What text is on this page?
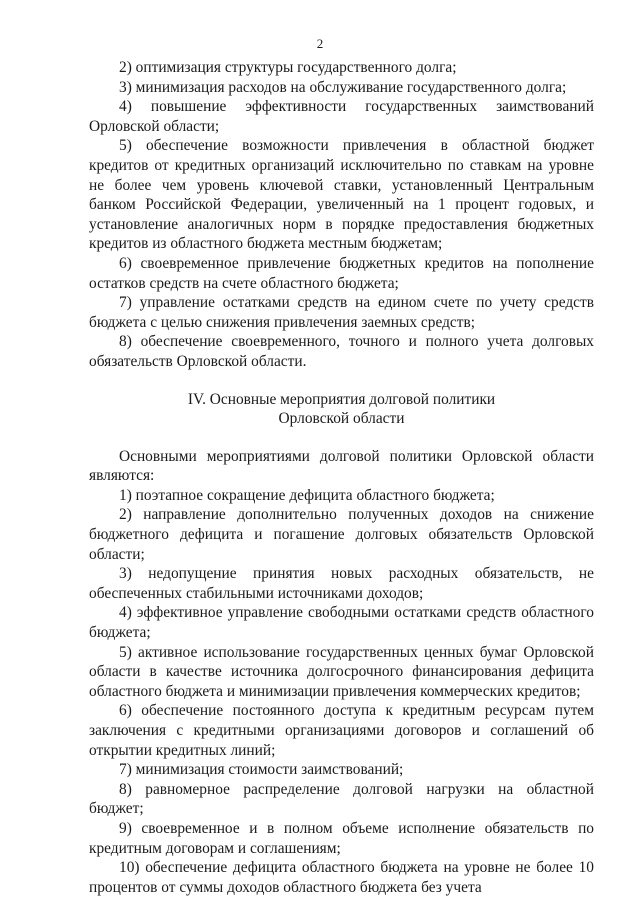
2

2) оптимизация структуры государственного долга;

3) минимизация расходов на обслуживание государственного долга;

4) повышение эффективности государственных заимствований Орловской области;

5) обеспечение возможности привлечения в областной бюджет кредитов от кредитных организаций исключительно по ставкам на уровне не более чем уровень ключевой ставки, установленный Центральным банком Российской Федерации, увеличенный на 1 процент годовых, и установление аналогичных норм в порядке предоставления бюджетных кредитов из областного бюджета местным бюджетам;

6) своевременное привлечение бюджетных кредитов на пополнение остатков средств на счете областного бюджета;

7) управление остатками средств на едином счете по учету средств бюджета с целью снижения привлечения заемных средств;

8) обеспечение своевременного, точного и полного учета долговых обязательств Орловской области.

IV. Основные мероприятия долговой политики
Орловской области

Основными мероприятиями долговой политики Орловской области являются:

1) поэтапное сокращение дефицита областного бюджета;

2) направление дополнительно полученных доходов на снижение бюджетного дефицита и погашение долговых обязательств Орловской области;

3) недопущение принятия новых расходных обязательств, не обеспеченных стабильными источниками доходов;

4) эффективное управление свободными остатками средств областного бюджета;

5) активное использование государственных ценных бумаг Орловской области в качестве источника долгосрочного финансирования дефицита областного бюджета и минимизации привлечения коммерческих кредитов;

6) обеспечение постоянного доступа к кредитным ресурсам путем заключения с кредитными организациями договоров и соглашений об открытии кредитных линий;

7) минимизация стоимости заимствований;

8) равномерное распределение долговой нагрузки на областной бюджет;

9) своевременное и в полном объеме исполнение обязательств по кредитным договорам и соглашениям;

10) обеспечение дефицита областного бюджета на уровне не более 10 процентов от суммы доходов областного бюджета без учета
